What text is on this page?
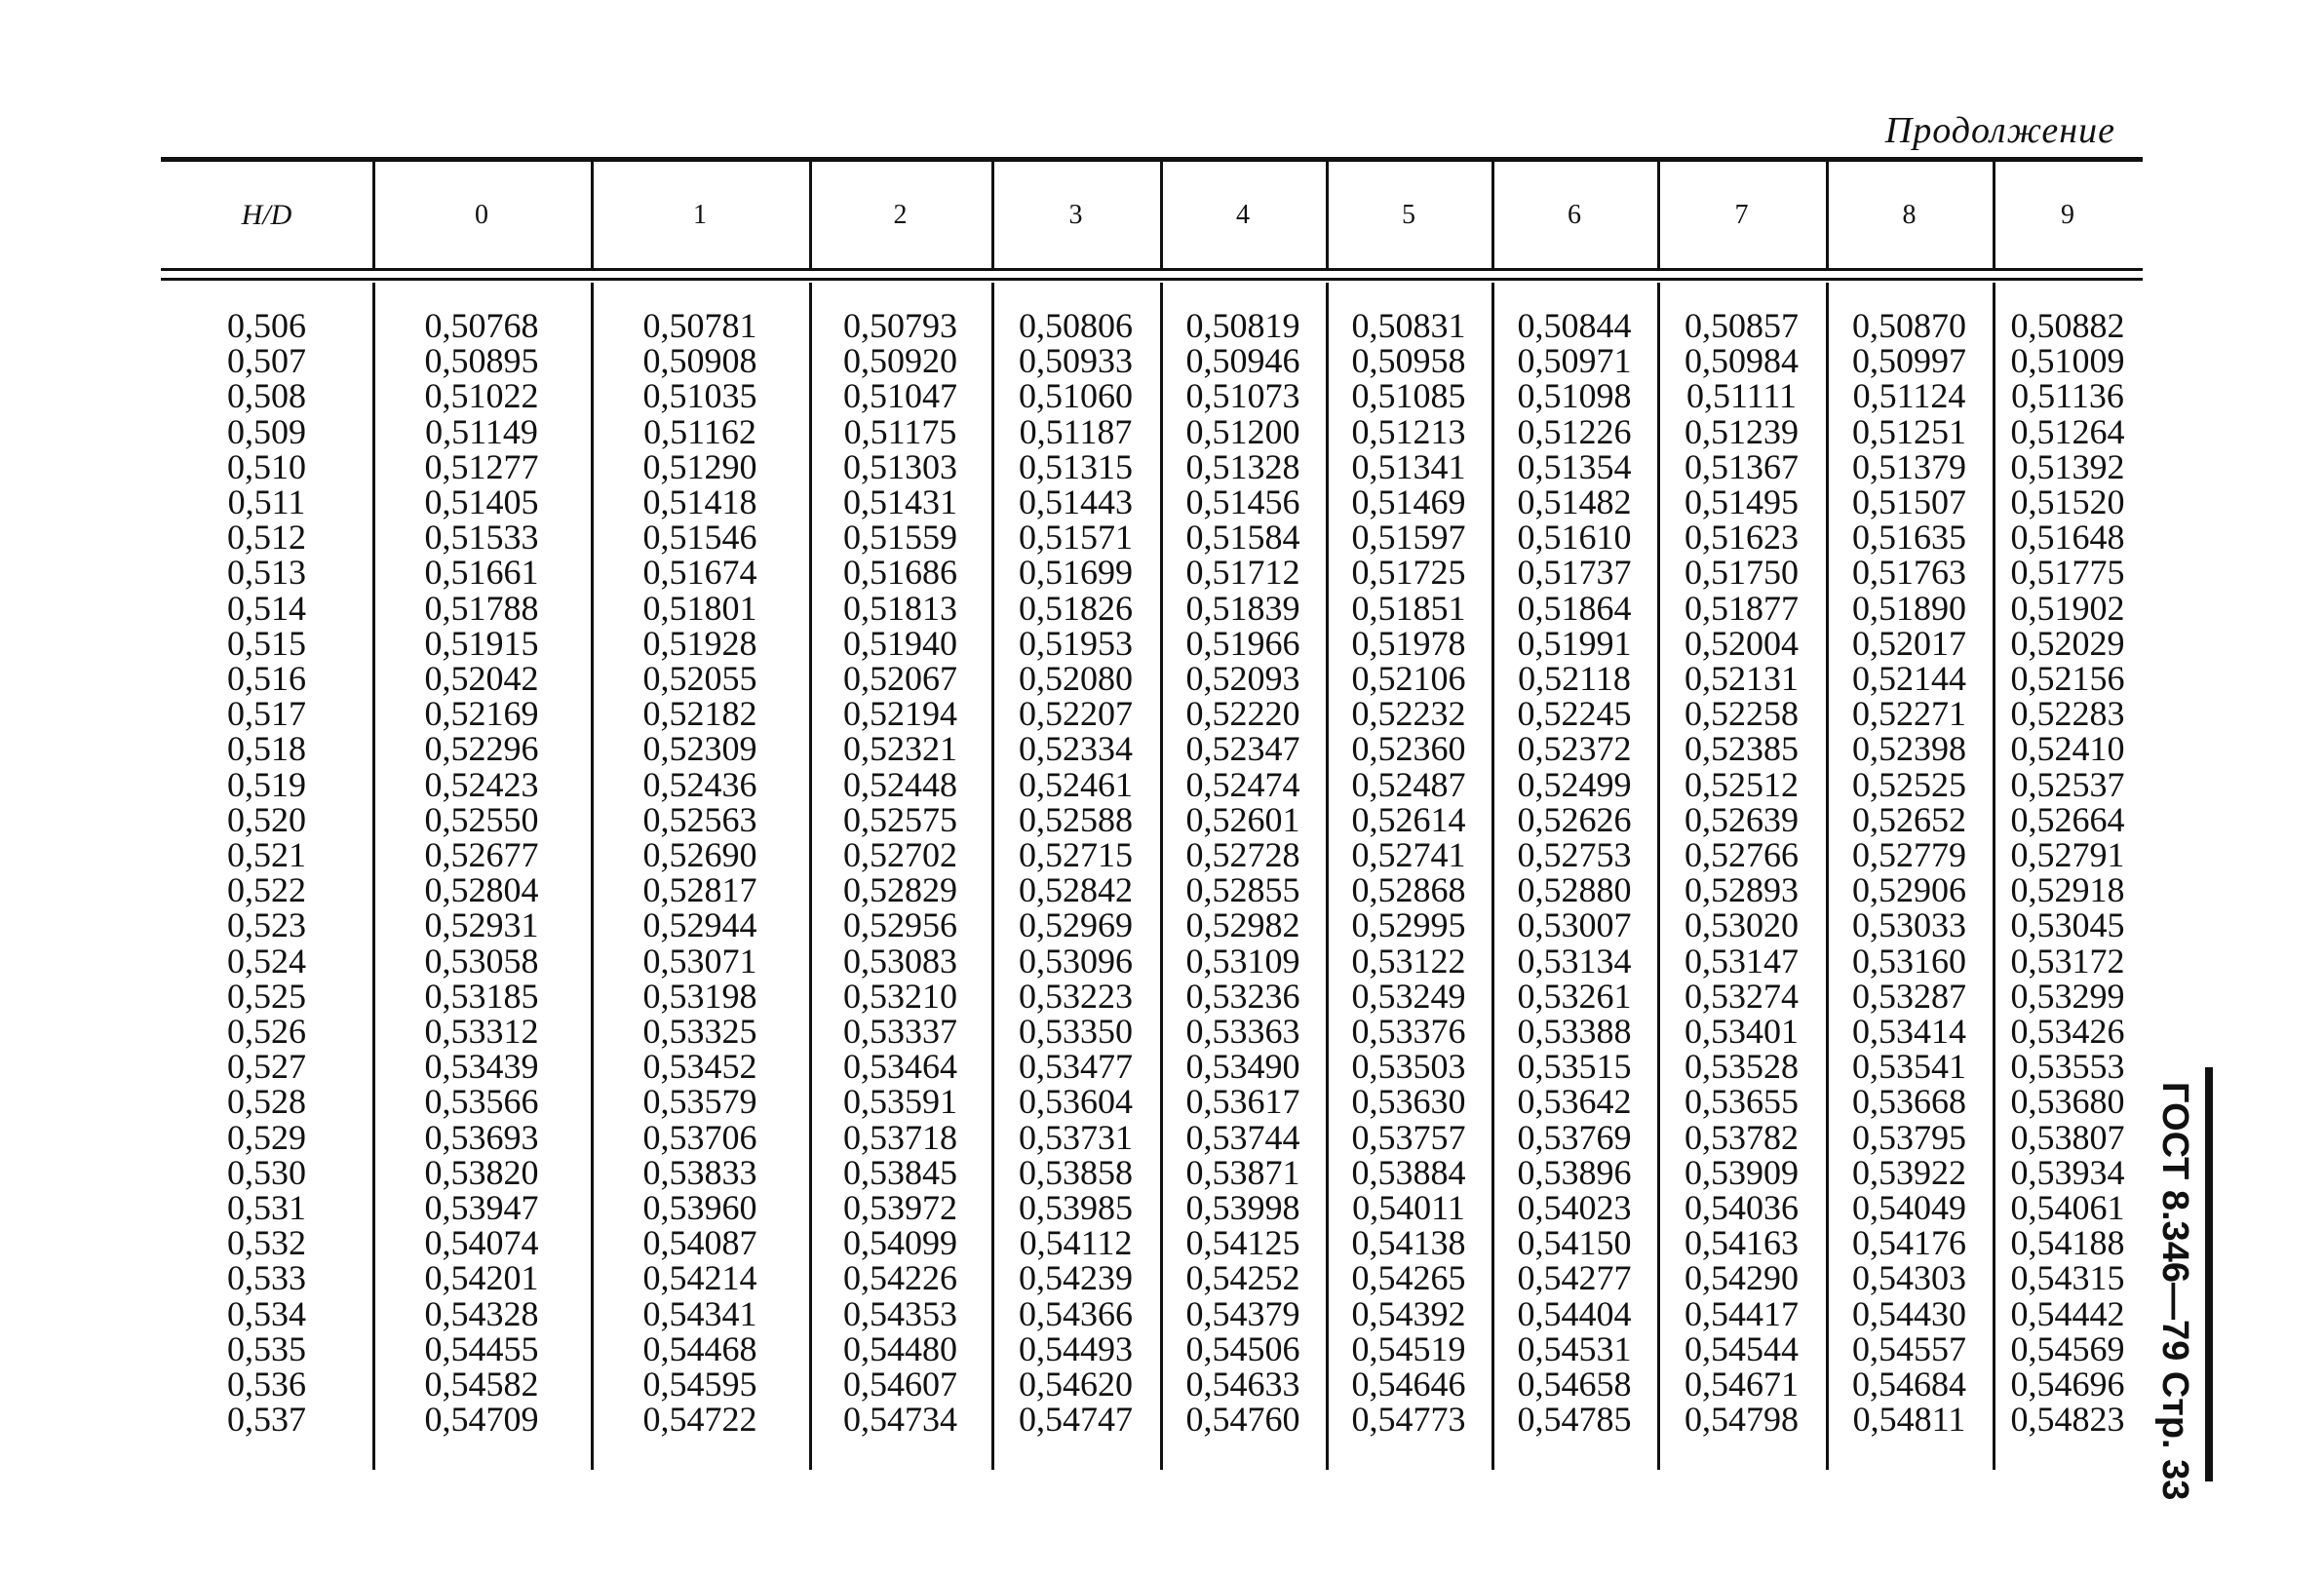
Продолжение
H/D
0,506
0,507
0,508
0,509
0,510
0,511
0,512
0,513
0,514
0,515
0,516
0,517
0,518
0,519
0,520
0,521
0,522
0,523
0,524
0,525
0,526
0,527
0,528
0,529
0,530
0,531
0,532
0,533
0,534
0,535
0,536
0,537
0
0,50768
0,50895
0,51022
0,51149
0,51277
0,51405
0,51533
0,51661
0,51788
0,51915
0,52042
0,52169
0,52296
0,52423
0,52550
0,52677
0,52804
0,52931
0,53058
0,53185
0,53312
0,53439
0,53566
0,53693
0,53820
0,53947
0,54074
0,54201
0,54328
0,54455
0,54582
0,54709
1
0,50781
0,50908
0,51035
0,51162
0,51290
0,51418
0,51546
0,51674
0,51801
0,51928
0,52055
0,52182
0,52309
0,52436
0,52563
0,52690
0,52817
0,52944
0,53071
0,53198
0,53325
0,53452
0,53579
0,53706
0,53833
0,53960
0,54087
0,54214
0,54341
0,54468
0,54595
0,54722
2
0,50793
0,50920
0,51047
0,51175
0,51303
0,51431
0,51559
0,51686
0,51813
0,51940
0,52067
0,52194
0,52321
0,52448
0,52575
0,52702
0,52829
0,52956
0,53083
0,53210
0,53337
0,53464
0,53591
0,53718
0,53845
0,53972
0,54099
0,54226
0,54353
0,54480
0,54607
0,54734
3
0,50806
0,50933
0,51060
0,51187
0,51315
0,51443
0,51571
0,51699
0,51826
0,51953
0,52080
0,52207
0,52334
0,52461
0,52588
0,52715
0,52842
0,52969
0,53096
0,53223
0,53350
0,53477
0,53604
0,53731
0,53858
0,53985
0,54112
0,54239
0,54366
0,54493
0,54620
0,54747
4
0,50819
0,50946
0,51073
0,51200
0,51328
0,51456
0,51584
0,51712
0,51839
0,51966
0,52093
0,52220
0,52347
0,52474
0,52601
0,52728
0,52855
0,52982
0,53109
0,53236
0,53363
0,53490
0,53617
0,53744
0,53871
0,53998
0,54125
0,54252
0,54379
0,54506
0,54633
0,54760
5
0,50831
0,50958
0,51085
0,51213
0,51341
0,51469
0,51597
0,51725
0,51851
0,51978
0,52106
0,52232
0,52360
0,52487
0,52614
0,52741
0,52868
0,52995
0,53122
0,53249
0,53376
0,53503
0,53630
0,53757
0,53884
0,54011
0,54138
0,54265
0,54392
0,54519
0,54646
0,54773
6
0,50844
0,50971
0,51098
0,51226
0,51354
0,51482
0,51610
0,51737
0,51864
0,51991
0,52118
0,52245
0,52372
0,52499
0,52626
0,52753
0,52880
0,53007
0,53134
0,53261
0,53388
0,53515
0,53642
0,53769
0,53896
0,54023
0,54150
0,54277
0,54404
0,54531
0,54658
0,54785
7
0,50857
0,50984
0,51111
0,51239
0,51367
0,51495
0,51623
0,51750
0,51877
0,52004
0,52131
0,52258
0,52385
0,52512
0,52639
0,52766
0,52893
0,53020
0,53147
0,53274
0,53401
0,53528
0,53655
0,53782
0,53909
0,54036
0,54163
0,54290
0,54417
0,54544
0,54671
0,54798
8
0,50870
0,50997
0,51124
0,51251
0,51379
0,51507
0,51635
0,51763
0,51890
0,52017
0,52144
0,52271
0,52398
0,52525
0,52652
0,52779
0,52906
0,53033
0,53160
0,53287
0,53414
0,53541
0,53668
0,53795
0,53922
0,54049
0,54176
0,54303
0,54430
0,54557
0,54684
0,54811
9
0,50882
0,51009
0,51136
0,51264
0,51392
0,51520
0,51648
0,51775
0,51902
0,52029
0,52156
0,52283
0,52410
0,52537
0,52664
0,52791
0,52918
0,53045
0,53172
0,53299
0,53426
0,53553
0,53680
0,53807
0,53934
0,54061
0,54188
0,54315
0,54442
0,54569
0,54696
0,54823 ГОСТ 8.346—79 Стр. 33
